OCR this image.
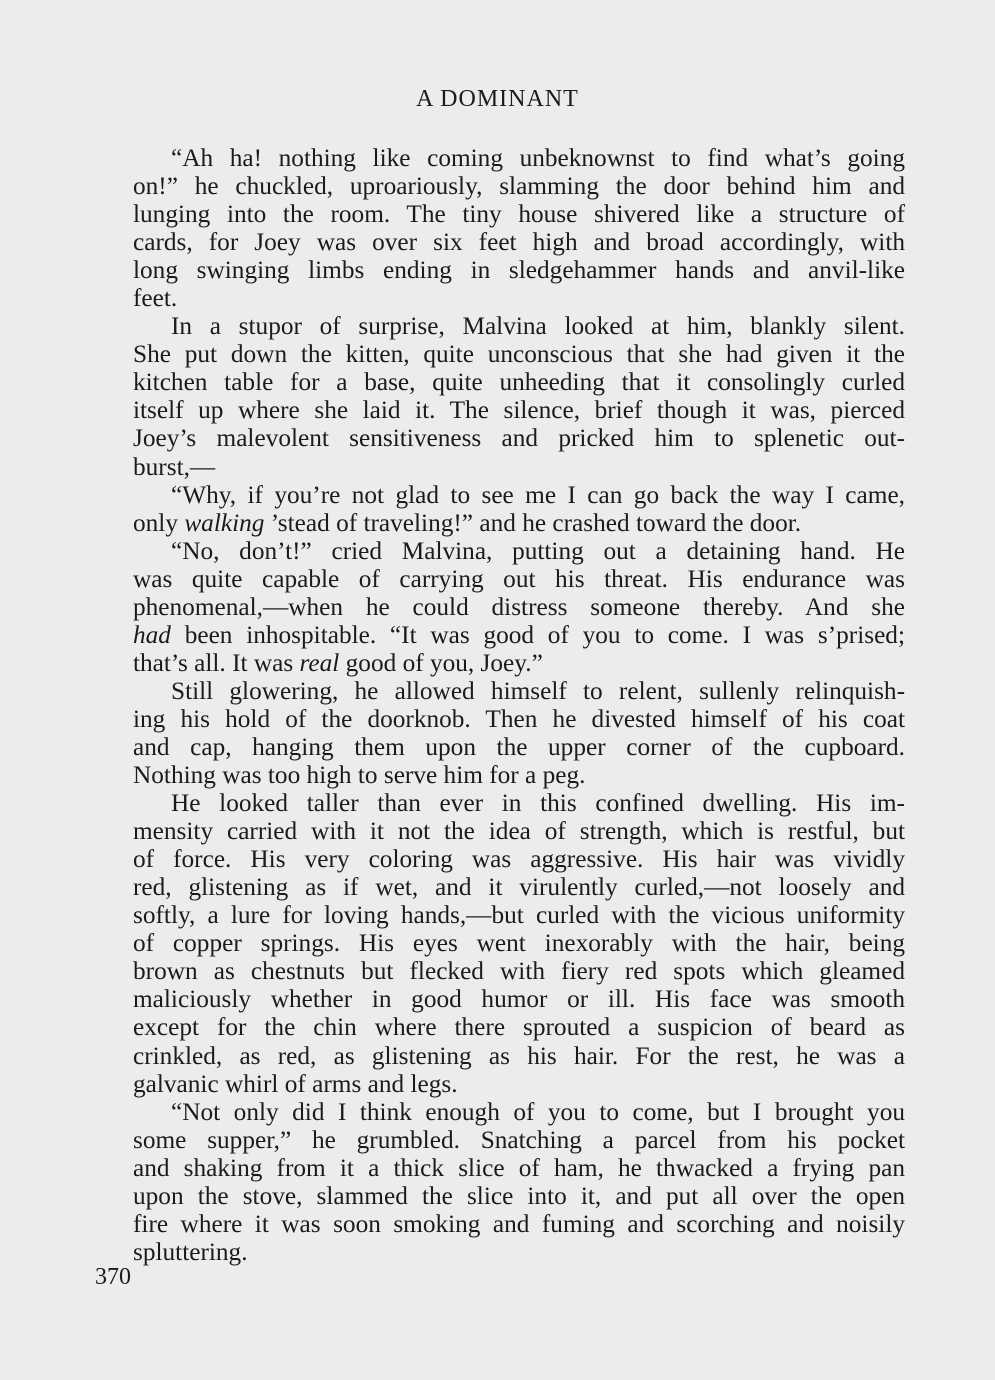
A DOMINANT

“Ah ha! nothing like coming unbeknownst to find what’s going
on!” he chuckled, uproariously, slamming the door behind him and
lunging into the room. The tiny house shivered like a structure of
cards, for Joey was over six feet high and broad accordingly, with
long swinging limbs ending in sledgehammer hands and anvil-like
feet.

In a stupor of surprise, Malvina looked at him, blankly silent.
She put down the kitten, quite unconscious that she had given it the
kitchen table for a base, quite unheeding that it consolingly curled
itself up where she laid it. The silence, brief though it was, pierced
Joey’s malevolent sensitiveness and pricked him to splenetic out-
burst,—

“Why, if you’re not glad to see me I can go back the way I came,
only walking ’stead of traveling!” and he crashed toward the door.

“No, don’t!” cried Malvina, putting out a detaining hand. He
was quite capable of carrying out his threat. His endurance was
phenomenal,—when he could distress someone thereby. And she
had been inhospitable. “It was good of you to come. I was s’prised;
that’s all. It was real good of you, Joey.”

Still glowering, he allowed himself to relent, sullenly relinquish-
ing his hold of the doorknob. Then he divested himself of his coat
and cap, hanging them upon the upper corner of the cupboard.
Nothing was too high to serve him for a peg.

He looked taller than ever in this confined dwelling. His im-
mensity carried with it not the idea of strength, which is restful, but
of force. His very coloring was aggressive. His hair was vividly
red, glistening as if wet, and it virulently curled,—not loosely and
softly, a lure for loving hands,—but curled with the vicious uniformity
of copper springs. His eyes went inexorably with the hair, being
brown as chestnuts but flecked with fiery red spots which gleamed
maliciously whether in good humor or ill. His face was smooth
except for the chin where there sprouted a suspicion of beard as
crinkled, as red, as glistening as his hair. For the rest, he was a
galvanic whirl of arms and legs.

“Not only did I think enough of you to come, but I brought you
some supper,” he grumbled. Snatching a parcel from his pocket
and shaking from it a thick slice of ham, he thwacked a frying pan
upon the stove, slammed the slice into it, and put all over the open
fire where it was soon smoking and fuming and scorching and noisily
spluttering.

370
